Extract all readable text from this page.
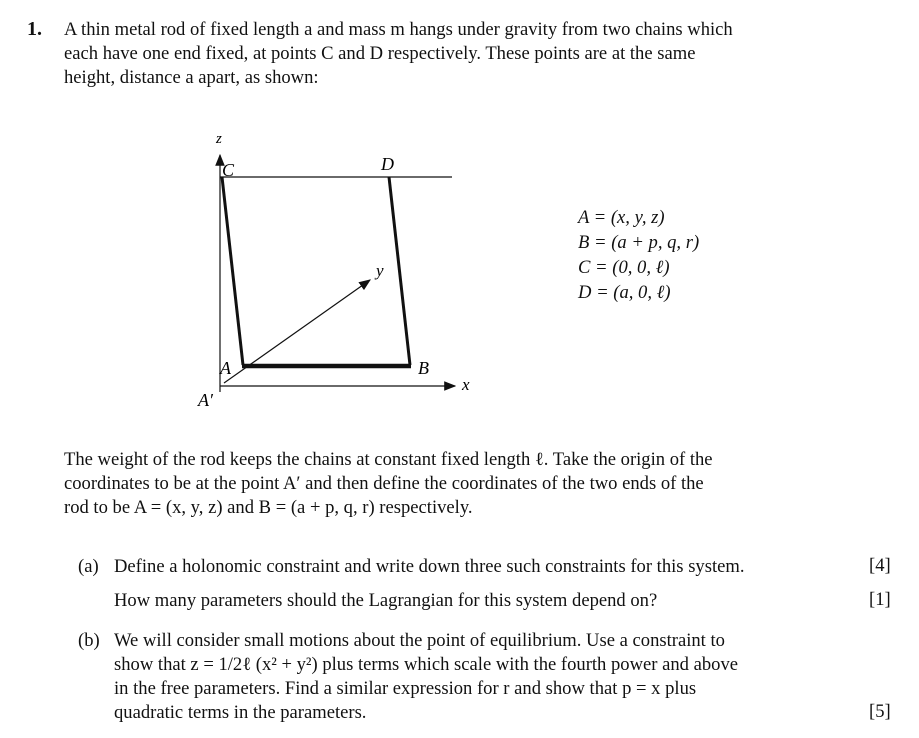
1. A thin metal rod of fixed length a and mass m hangs under gravity from two chains which
each have one end fixed, at points C and D respectively. These points are at the same
height, distance a apart, as shown:
z
C	D
y
A	B
x
A′
A = (x, y, z)
B = (a + p, q, r)
C = (0, 0, ℓ)
D = (a, 0, ℓ)
The weight of the rod keeps the chains at constant fixed length ℓ. Take the origin of the
coordinates to be at the point A′ and then define the coordinates of the two ends of the
rod to be A = (x, y, z) and B = (a + p, q, r) respectively.
(a) Define a holonomic constraint and write down three such constraints for this system.	[4]
How many parameters should the Lagrangian for this system depend on?	[1]
(b) We will consider small motions about the point of equilibrium. Use a constraint to
show that z = 1/2ℓ (x² + y²) plus terms which scale with the fourth power and above
in the free parameters. Find a similar expression for r and show that p = x plus
quadratic terms in the parameters.	[5]
